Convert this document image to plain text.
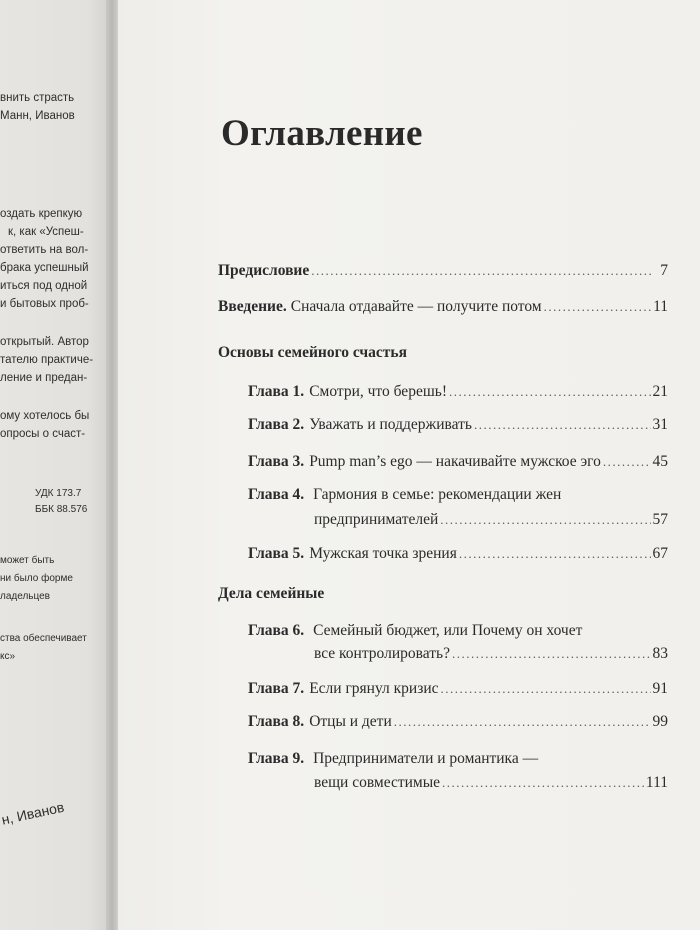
внить страсть
Манн, Иванов
оздать крепкую
к, как «Успеш-
ответить на вол-
брака успешный
иться под одной
и бытовых проб-
открытый. Автор
тателю практиче-
ление и предан-
ому хотелось бы
опросы о счаст-
УДК 173.7
ББК 88.576
может быть
ни было форме
ладельцев
ства обеспечивает
кс»
н, Иванов
Оглавление
Предисловие .....	7
Введение. Сначала отдавайте — получите потом .....	11
Основы семейного счастья
Глава 1. Смотри, что берешь! .....	21
Глава 2. Уважать и поддерживать .....	31
Глава 3. Pump man’s ego — накачивайте мужское эго .....	45
Глава 4. Гармония в семье: рекомендации жен
предпринимателей .....	57
Глава 5. Мужская точка зрения .....	67
Дела семейные
Глава 6. Семейный бюджет, или Почему он хочет
все контролировать? .....	83
Глава 7. Если грянул кризис .....	91
Глава 8. Отцы и дети .....	99
Глава 9. Предприниматели и романтика —
вещи совместимые .....	111
